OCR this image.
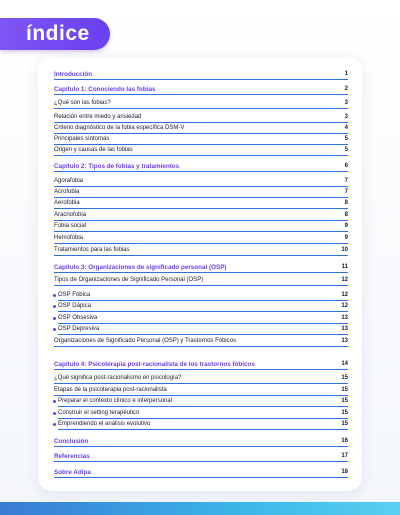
índice
Introducción	1
Capítulo 1: Conociendo las fobias	2
¿Qué son las fobias?	3
Relación entre miedo y ansiedad	3
Criterio diagnóstico de la fobia específica DSM-V	4
Principales síntomas	5
Origen y causas de las fobias	5
Capítulo 2: Tipos de fobias y tratamientos	6
Agorafobia	7
Acrofobia	7
Aerofobia	8
Aracnofobia	8
Fobia social	9
Hemofobia	9
Tratamientos para las fobias	10
Capítulo 3: Organizaciones de significado personal (OSP)	11
Tipos de Organizaciones de Significado Personal (OSP)	12
OSP Fóbica	12
OSP Dápica	12
OSP Obsesiva	13
OSP Depresiva	13
Organizaciones de Significado Personal (OSP) y Trastornos Fóbicos	13
Capítulo 4: Psicoterapia post-racionalista de los trastornos fóbicos	14
¿Qué significa post-racionalismo en psicología?	15
Etapas de la psicoterapia post-racionalista	15
Preparar el contexto clínico e interpersonal	15
Construir el setting terapéutico	15
Emprendiendo el análisis evolutivo	15
Conclusión	16
Referencias	17
Sobre Adipa	18
